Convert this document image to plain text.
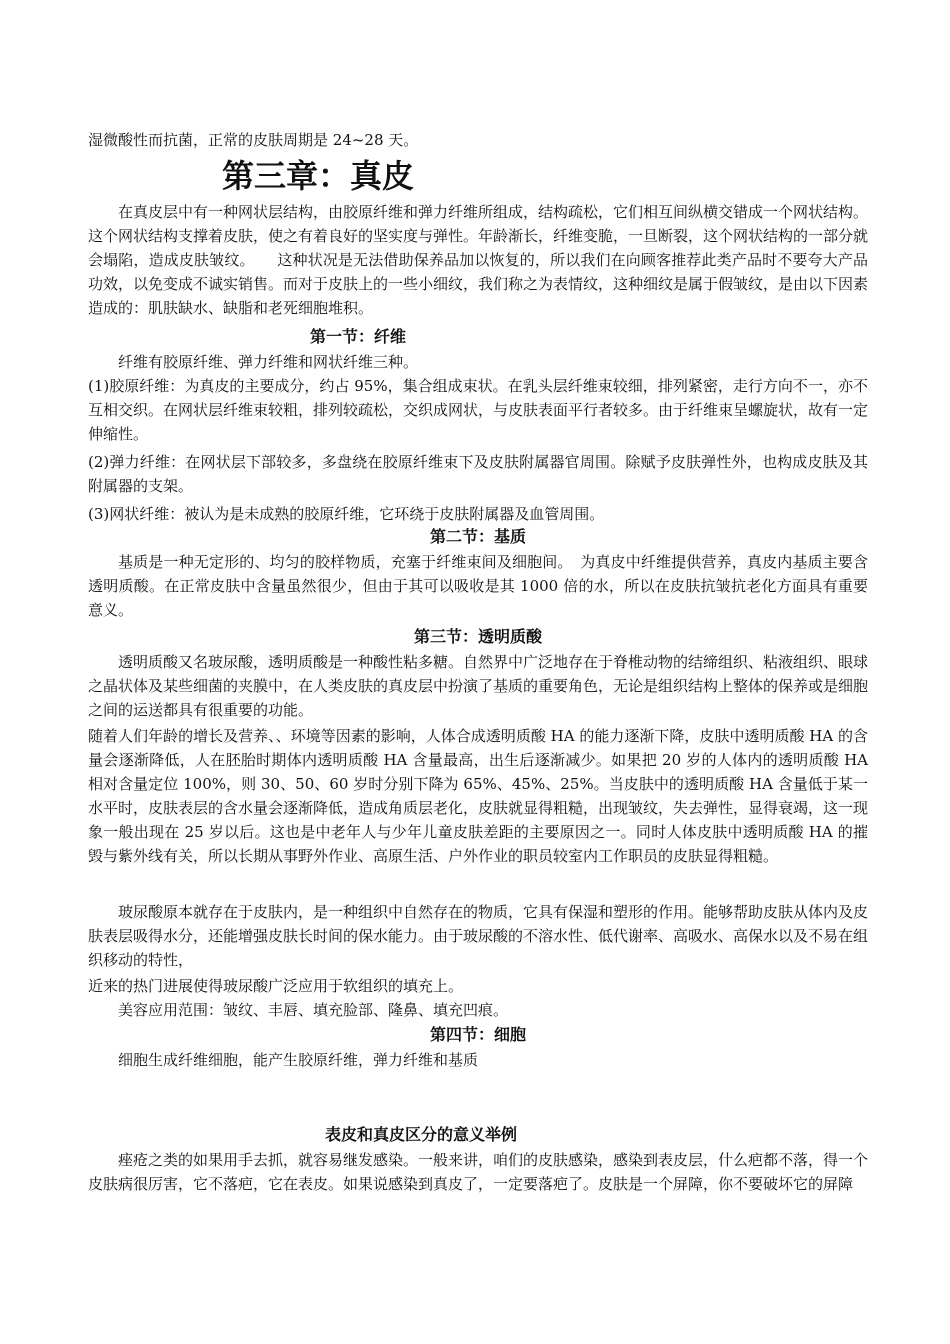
湿微酸性而抗菌，正常的皮肤周期是 24~28 天。

第三章：真皮

在真皮层中有一种网状层结构，由胶原纤维和弹力纤维所组成，结构疏松，它们相互间纵横交错成一个网状结构。这个网状结构支撑着皮肤，使之有着良好的坚实度与弹性。年龄渐长，纤维变脆，一旦断裂，这个网状结构的一部分就会塌陷，造成皮肤皱纹。　　这种状况是无法借助保养品加以恢复的，所以我们在向顾客推荐此类产品时不要夸大产品功效，以免变成不诚实销售。而对于皮肤上的一些小细纹，我们称之为表情纹，这种细纹是属于假皱纹，是由以下因素造成的：肌肤缺水、缺脂和老死细胞堆积。

第一节：纤维

纤维有胶原纤维、弹力纤维和网状纤维三种。

(1)胶原纤维：为真皮的主要成分，约占 95%，集合组成束状。在乳头层纤维束较细，排列紧密，走行方向不一，亦不互相交织。在网状层纤维束较粗，排列较疏松，交织成网状，与皮肤表面平行者较多。由于纤维束呈螺旋状，故有一定伸缩性。

(2)弹力纤维：在网状层下部较多，多盘绕在胶原纤维束下及皮肤附属器官周围。除赋予皮肤弹性外，也构成皮肤及其附属器的支架。

(3)网状纤维：被认为是未成熟的胶原纤维，它环绕于皮肤附属器及血管周围。

第二节：基质

基质是一种无定形的、均匀的胶样物质，充塞于纤维束间及细胞间。　为真皮中纤维提供营养，真皮内基质主要含透明质酸。在正常皮肤中含量虽然很少，但由于其可以吸收是其 1000 倍的水，所以在皮肤抗皱抗老化方面具有重要意义。

第三节：透明质酸

透明质酸又名玻尿酸，透明质酸是一种酸性粘多糖。自然界中广泛地存在于脊椎动物的结缔组织、粘液组织、眼球之晶状体及某些细菌的夹膜中，在人类皮肤的真皮层中扮演了基质的重要角色，无论是组织结构上整体的保养或是细胞之间的运送都具有很重要的功能。

随着人们年龄的增长及营养、、环境等因素的影响，人体合成透明质酸 HA 的能力逐渐下降，皮肤中透明质酸 HA 的含量会逐渐降低，人在胚胎时期体内透明质酸 HA 含量最高，出生后逐渐减少。如果把 20 岁的人体内的透明质酸 HA 相对含量定位 100%，则 30、50、60 岁时分别下降为 65%、45%、25%。当皮肤中的透明质酸 HA 含量低于某一水平时，皮肤表层的含水量会逐渐降低，造成角质层老化，皮肤就显得粗糙，出现皱纹，失去弹性，显得衰竭，这一现象一般出现在 25 岁以后。这也是中老年人与少年儿童皮肤差距的主要原因之一。同时人体皮肤中透明质酸 HA 的摧毁与紫外线有关，所以长期从事野外作业、高原生活、户外作业的职员较室内工作职员的皮肤显得粗糙。

玻尿酸原本就存在于皮肤内，是一种组织中自然存在的物质，它具有保湿和塑形的作用。能够帮助皮肤从体内及皮肤表层吸得水分，还能增强皮肤长时间的保水能力。由于玻尿酸的不溶水性、低代谢率、高吸水、高保水以及不易在组织移动的特性，

近来的热门进展使得玻尿酸广泛应用于软组织的填充上。

美容应用范围：皱纹、丰唇、填充脸部、隆鼻、填充凹痕。

第四节：细胞

细胞生成纤维细胞，能产生胶原纤维，弹力纤维和基质

表皮和真皮区分的意义举例

痤疮之类的如果用手去抓，就容易继发感染。一般来讲，咱们的皮肤感染，感染到表皮层，什么疤都不落，得一个皮肤病很厉害，它不落疤，它在表皮。如果说感染到真皮了，一定要落疤了。皮肤是一个屏障，你不要破坏它的屏障
